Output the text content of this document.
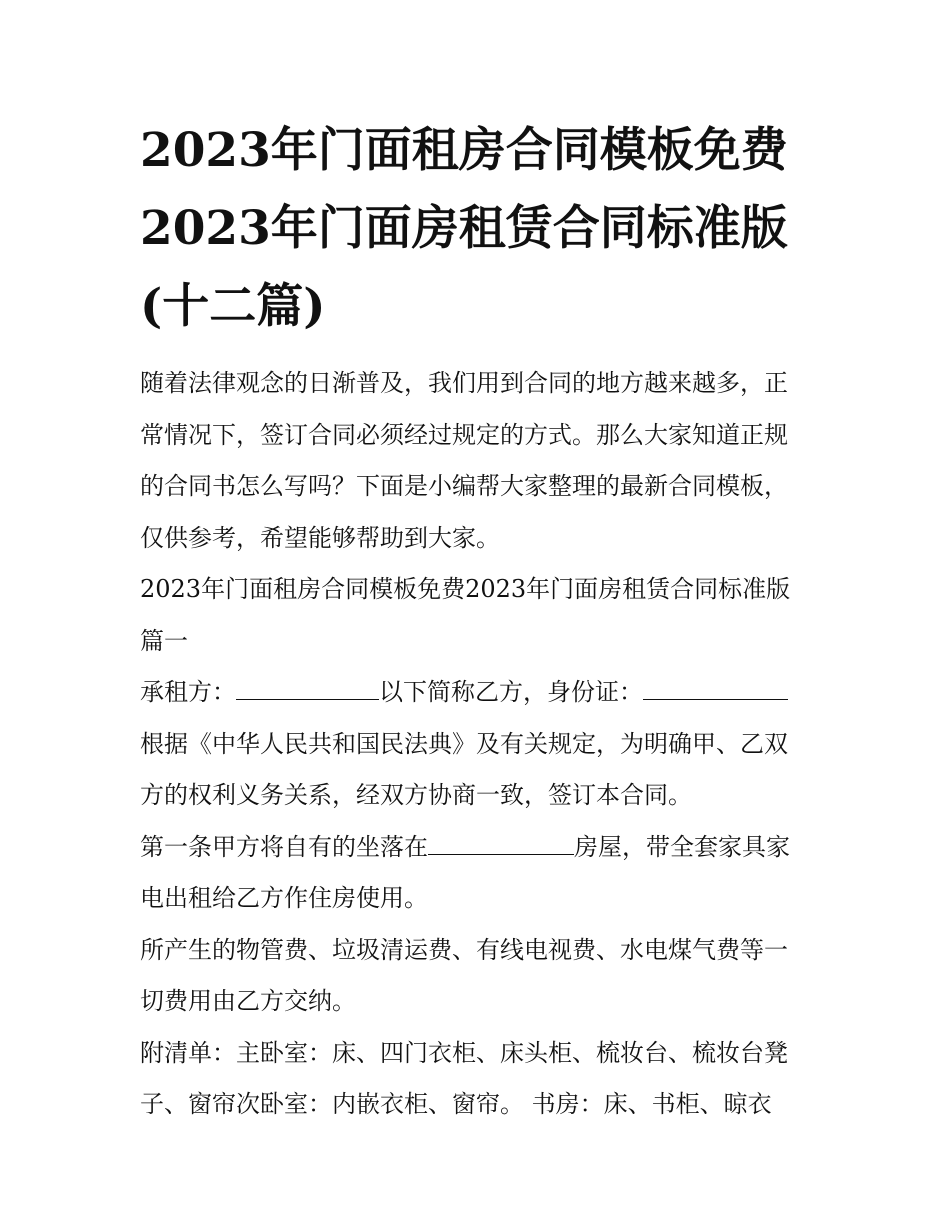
2023年门面租房合同模板免费
2023年门面房租赁合同标准版
(十二篇)

随着法律观念的日渐普及，我们用到合同的地方越来越多，正
常情况下，签订合同必须经过规定的方式。那么大家知道正规
的合同书怎么写吗？下面是小编帮大家整理的最新合同模板，
仅供参考，希望能够帮助到大家。

2023年门面租房合同模板免费2023年门面房租赁合同标准版
篇一

承租方：	以下简称乙方，身份证：

根据《中华人民共和国民法典》及有关规定，为明确甲、乙双
方的权利义务关系，经双方协商一致，签订本合同。

第一条甲方将自有的坐落在	房屋，带全套家具家
电出租给乙方作住房使用。

所产生的物管费、垃圾清运费、有线电视费、水电煤气费等一
切费用由乙方交纳。

附清单：主卧室：床、四门衣柜、床头柜、梳妆台、梳妆台凳
子、窗帘次卧室：内嵌衣柜、窗帘。 书房：床、书柜、晾衣
